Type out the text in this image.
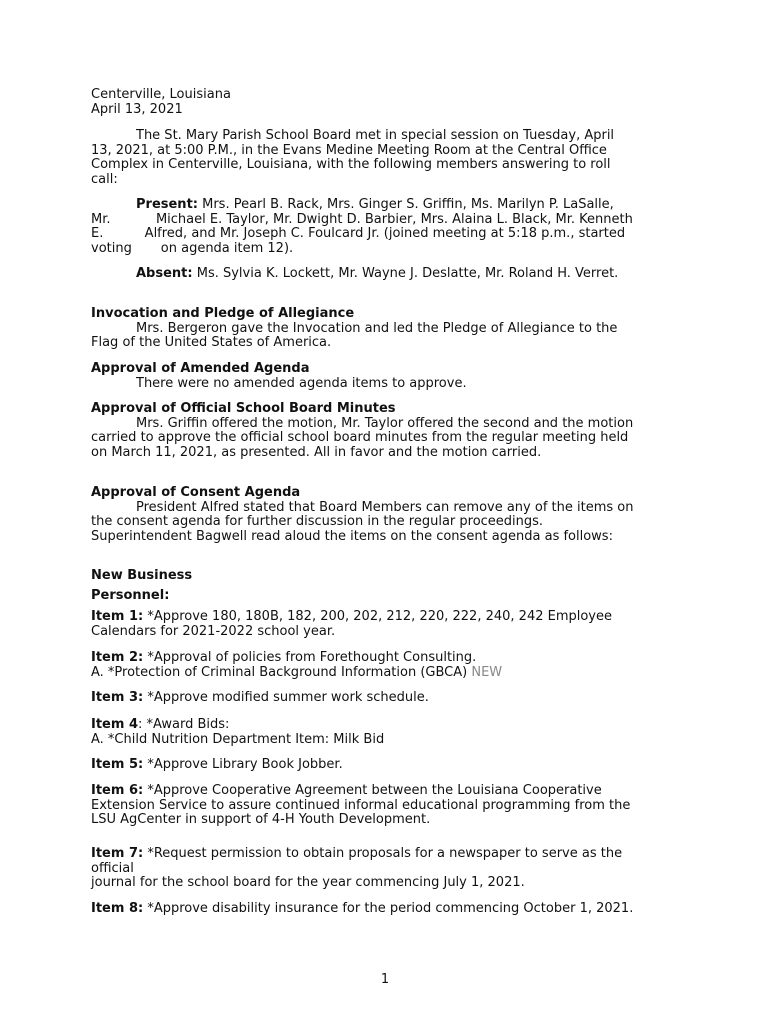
Centerville, Louisiana

April 13, 2021

The St. Mary Parish School Board met in special session on Tuesday, April 13, 2021, at 5:00 P.M., in the Evans Medine Meeting Room at the Central Office Complex in Centerville, Louisiana, with the following members answering to roll call:

Present: Mrs. Pearl B. Rack, Mrs. Ginger S. Griffin, Ms. Marilyn P. LaSalle, Mr.           Michael E. Taylor, Mr. Dwight D. Barbier, Mrs. Alaina L. Black, Mr. Kenneth E.          Alfred, and Mr. Joseph C. Foulcard Jr. (joined meeting at 5:18 p.m., started voting       on agenda item 12).

Absent: Ms. Sylvia K. Lockett, Mr. Wayne J. Deslatte, Mr. Roland H. Verret.

Invocation and Pledge of Allegiance

Mrs. Bergeron gave the Invocation and led the Pledge of Allegiance to the Flag of the United States of America.

Approval of Amended Agenda

There were no amended agenda items to approve.

Approval of Official School Board Minutes

Mrs. Griffin offered the motion, Mr. Taylor offered the second and the motion carried to approve the official school board minutes from the regular meeting held on March 11, 2021, as presented. All in favor and the motion carried.

Approval of Consent Agenda

President Alfred stated that Board Members can remove any of the items on the consent agenda for further discussion in the regular proceedings. Superintendent Bagwell read aloud the items on the consent agenda as follows:

New Business

Personnel:

Item 1: *Approve 180, 180B, 182, 200, 202, 212, 220, 222, 240, 242 Employee Calendars for 2021-2022 school year.

Item 2: *Approval of policies from Forethought Consulting.

A. *Protection of Criminal Background Information (GBCA) NEW

Item 3: *Approve modified summer work schedule.

Item 4: *Award Bids:

A. *Child Nutrition Department Item: Milk Bid

Item 5: *Approve Library Book Jobber.

Item 6: *Approve Cooperative Agreement between the Louisiana Cooperative Extension Service to assure continued informal educational programming from the LSU AgCenter in support of 4-H Youth Development.

Item 7: *Request permission to obtain proposals for a newspaper to serve as the official

journal for the school board for the year commencing July 1, 2021.

Item 8: *Approve disability insurance for the period commencing October 1, 2021.

1
